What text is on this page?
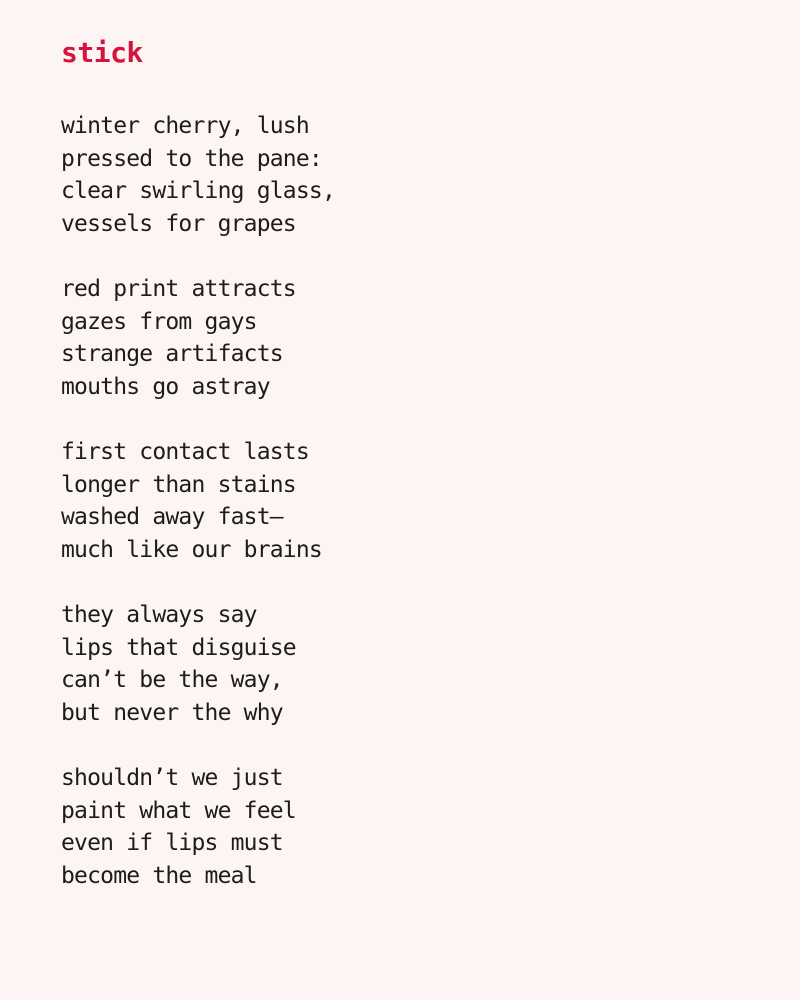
stick
winter cherry, lush
pressed to the pane:
clear swirling glass,
vessels for grapes
red print attracts
gazes from gays
strange artifacts
mouths go astray
first contact lasts
longer than stains
washed away fast—
much like our brains
they always say
lips that disguise
can’t be the way,
but never the why
shouldn’t we just
paint what we feel
even if lips must
become the meal
